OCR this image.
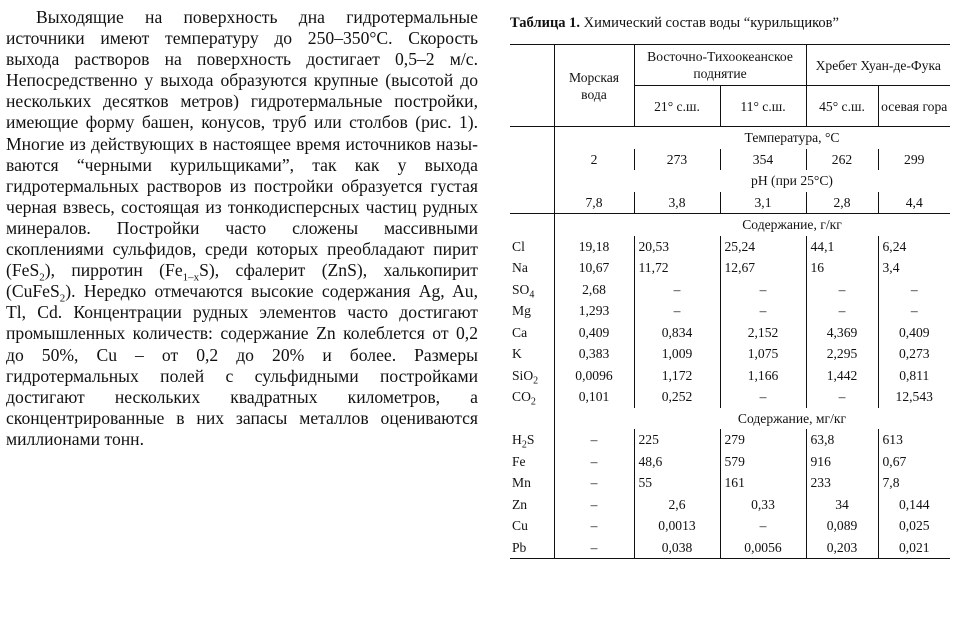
Выходящие на поверхность дна гидротермальные источники имеют температуру до 250–350°C. Скорость выхода растворов на поверхность достигает 0,5–2 м/с. Непосредственно у выхода образуются крупные (высотой до нескольких десятков метров) гидротермальные постройки, имеющие форму башен, конусов, труб или столбов (рис. 1). Многие из действующих в настоящее время источников называются “черными курильщиками”, так как у выхода гидротермальных растворов из постройки образуется густая черная взвесь, состоящая из тонкодисперсных частиц рудных минералов. Постройки часто сложены массивными скоплениями сульфидов, среди которых преобладают пирит (FeS$_2$), пирротин $(Fe_{1-x}S)$, сфалерит (ZnS), халькопирит (CuFeS$_2$). Нередко отмечаются высокие содержания Ag, Au, Tl, Cd. Концентрации рудных элементов часто достигают промышленных количеств: содержание Zn колеблется от 0,2 до 50%, Cu – от 0,2 до 20% и более. Размеры гидротермальных полей с сульфидными постройками достигают нескольких квадратных километров, а сконцентрированные в них запасы металлов оцениваются миллионами тонн.

Таблица 1. Химический состав воды “курильщиков”
	Морская вода	Восточно-Тихоокеанское поднятие		Хребет Хуан-де-Фука	
		21° с.ш.	11° с.ш.	45° с.ш.	осевая гора
		Температура, °С			
	2	273	354	262	299
		pH (при 25°С)			
	7,8	3,8	3,1	2,8	4,4
		Содержание, г/кг			
Cl	19,18	20,53	25,24	44,1	6,24
Na	10,67	11,72	12,67	16	3,4
$SO_4$	2,68	–	–	–	–
Mg	1,293	–	–	–	–
Ca	0,409	0,834	2,152	4,369	0,409
K	0,383	1,009	1,075	2,295	0,273
SiO$_2$	0,0096	1,172	1,166	1,442	0,811
$CO_2$	0,101	0,252	–	–	12,543
		Содержание, мг/кг			
$H_2S$	–	225	279	63,8	613
Fe	–	48,6	579	916	0,67
Mn	–	55	161	233	7,8
Zn	–	2,6	0,33	34	0,144
Cu	–	0,0013	–	0,089	0,025
Pb	–	0,038	0,0056	0,203	0,021
